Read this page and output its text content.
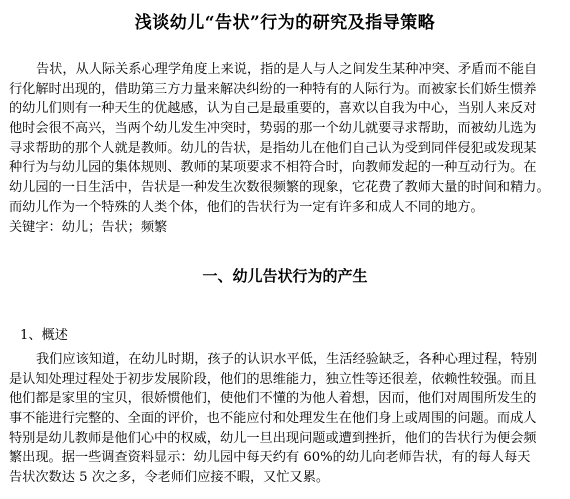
浅谈幼儿“告状”行为的研究及指导策略
告状，从人际关系心理学角度上来说，指的是人与人之间发生某种冲突、矛盾而不能自
行化解时出现的，借助第三方力量来解决纠纷的一种特有的人际行为。而被家长们娇生惯养
的幼儿们则有一种天生的优越感，认为自己是最重要的，喜欢以自我为中心，当别人来反对
他时会很不高兴，当两个幼儿发生冲突时，势弱的那一个幼儿就要寻求帮助，而被幼儿选为
寻求帮助的那个人就是教师。幼儿的告状，是指幼儿在他们自己认为受到同伴侵犯或发现某
种行为与幼儿园的集体规则、教师的某项要求不相符合时，向教师发起的一种互动行为。在
幼儿园的一日生活中，告状是一种发生次数很频繁的现象，它花费了教师大量的时间和精力。
而幼儿作为一个特殊的人类个体，他们的告状行为一定有许多和成人不同的地方。
关键字：幼儿；告状；频繁
一、幼儿告状行为的产生
1、概述
我们应该知道，在幼儿时期，孩子的认识水平低，生活经验缺乏，各种心理过程，特别
是认知处理过程处于初步发展阶段，他们的思维能力，独立性等还很差，依赖性较强。而且
他们都是家里的宝贝，很娇惯他们，使他们不懂的为他人着想，因而，他们对周围所发生的
事不能进行完整的、全面的评价，也不能应付和处理发生在他们身上或周围的问题。而成人
特别是幼儿教师是他们心中的权威，幼儿一旦出现问题或遭到挫折，他们的告状行为便会频
繁出现。据一些调查资料显示：幼儿园中每天约有 60%的幼儿向老师告状，有的每人每天
告状次数达 5 次之多，令老师们应接不暇，又忙又累。
